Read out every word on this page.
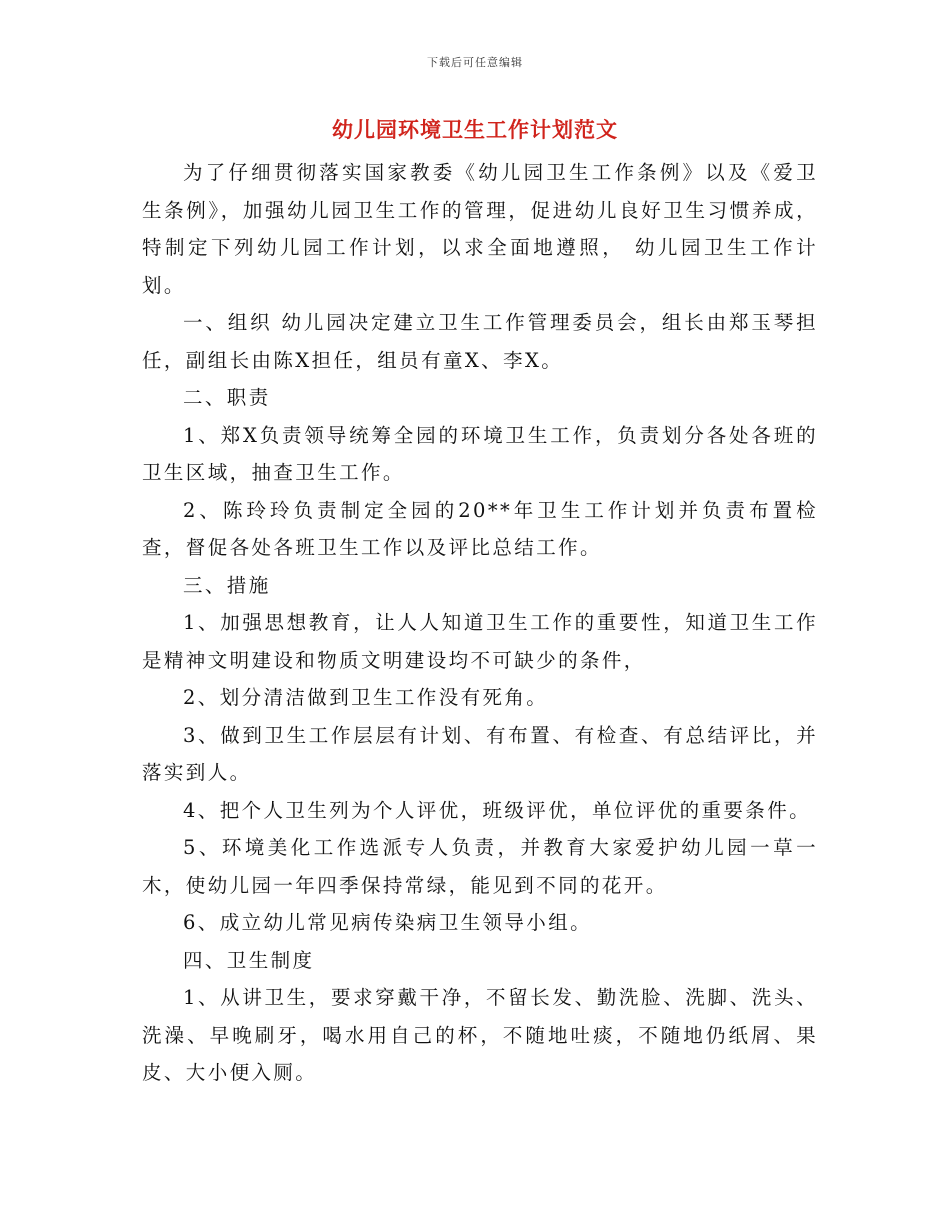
下载后可任意编辑
幼儿园环境卫生工作计划范文

为了仔细贯彻落实国家教委《幼儿园卫生工作条例》以及《爱卫生条例》，加强幼儿园卫生工作的管理，促进幼儿良好卫生习惯养成，特制定下列幼儿园工作计划，以求全面地遵照， 幼儿园卫生工作计划。

一、组织 幼儿园决定建立卫生工作管理委员会，组长由郑玉琴担任，副组长由陈X担任，组员有童X、李X。

二、职责

1、郑X负责领导统筹全园的环境卫生工作，负责划分各处各班的卫生区域，抽查卫生工作。

2、陈玲玲负责制定全园的20**年卫生工作计划并负责布置检查，督促各处各班卫生工作以及评比总结工作。

三、措施

1、加强思想教育，让人人知道卫生工作的重要性，知道卫生工作是精神文明建设和物质文明建设均不可缺少的条件，

2、划分清洁做到卫生工作没有死角。

3、做到卫生工作层层有计划、有布置、有检查、有总结评比，并落实到人。

4、把个人卫生列为个人评优，班级评优，单位评优的重要条件。

5、环境美化工作选派专人负责，并教育大家爱护幼儿园一草一木，使幼儿园一年四季保持常绿，能见到不同的花开。

6、成立幼儿常见病传染病卫生领导小组。

四、卫生制度

1、从讲卫生，要求穿戴干净，不留长发、勤洗脸、洗脚、洗头、洗澡、早晚刷牙，喝水用自己的杯，不随地吐痰，不随地仍纸屑、果皮、大小便入厕。
